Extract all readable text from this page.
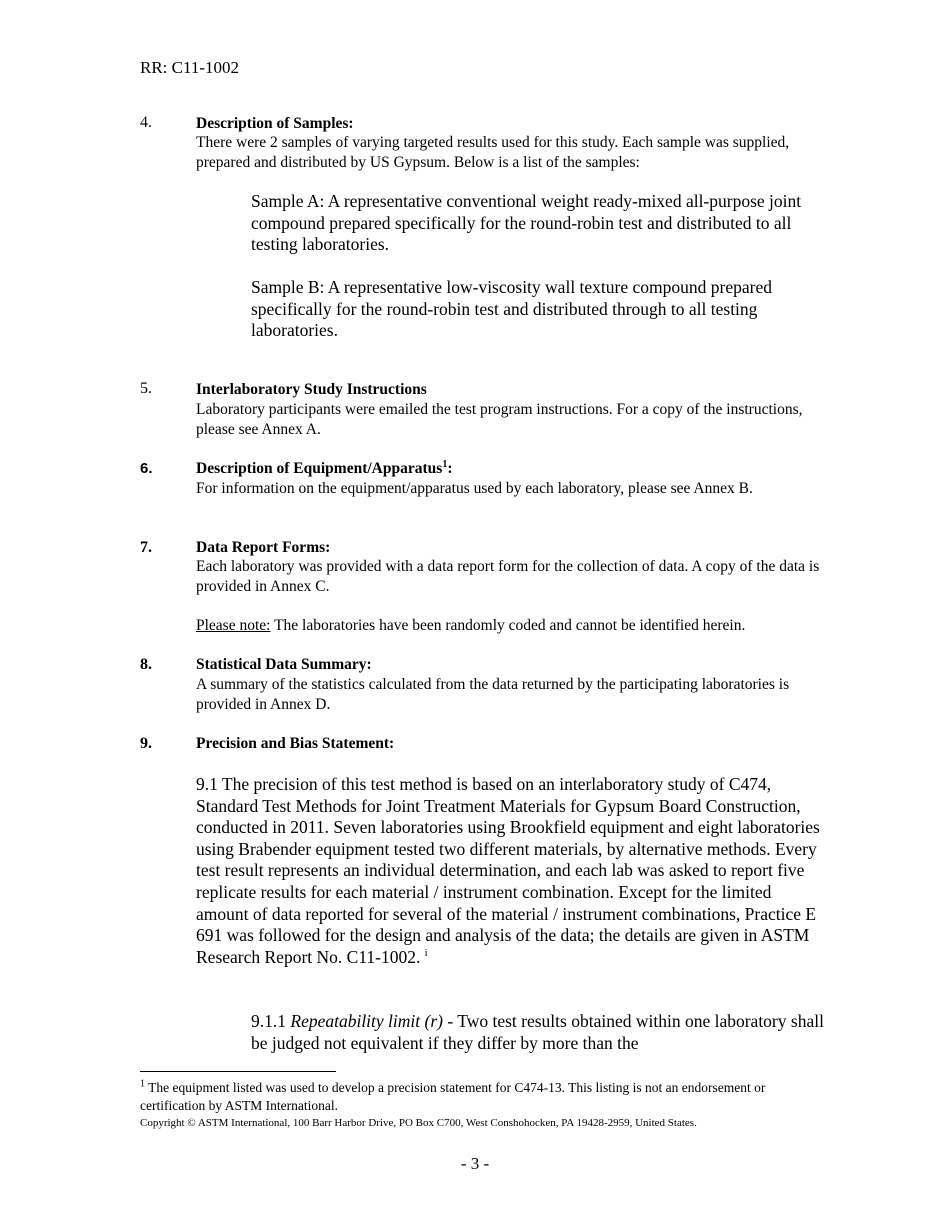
RR: C11-1002
4.	Description of Samples:
There were 2 samples of varying targeted results used for this study. Each sample was supplied, prepared and distributed by US Gypsum. Below is a list of the samples:
Sample A: A representative conventional weight ready-mixed all-purpose joint compound prepared specifically for the round-robin test and distributed to all testing laboratories.
Sample B: A representative low-viscosity wall texture compound prepared specifically for the round-robin test and distributed through to all testing laboratories.
5.	Interlaboratory Study Instructions
Laboratory participants were emailed the test program instructions. For a copy of the instructions, please see Annex A.
6.	Description of Equipment/Apparatus$^1$:
For information on the equipment/apparatus used by each laboratory, please see Annex B.
7.	Data Report Forms:
Each laboratory was provided with a data report form for the collection of data. A copy of the data is provided in Annex C.
Please note: The laboratories have been randomly coded and cannot be identified herein.
8.	Statistical Data Summary:
A summary of the statistics calculated from the data returned by the participating laboratories is provided in Annex D.
9.	Precision and Bias Statement:
9.1 The precision of this test method is based on an interlaboratory study of C474, Standard Test Methods for Joint Treatment Materials for Gypsum Board Construction, conducted in 2011. Seven laboratories using Brookfield equipment and eight laboratories using Brabender equipment tested two different materials, by alternative methods. Every test result represents an individual determination, and each lab was asked to report five replicate results for each material / instrument combination. Except for the limited amount of data reported for several of the material / instrument combinations, Practice E 691 was followed for the design and analysis of the data; the details are given in ASTM Research Report No. C11-1002. $^i$
9.1.1 Repeatability limit (r) - Two test results obtained within one laboratory shall be judged not equivalent if they differ by more than the
$^1$ The equipment listed was used to develop a precision statement for C474-13. This listing is not an endorsement or certification by ASTM International.
Copyright © ASTM International, 100 Barr Harbor Drive, PO Box C700, West Conshohocken, PA 19428-2959, United States.
- 3 -
